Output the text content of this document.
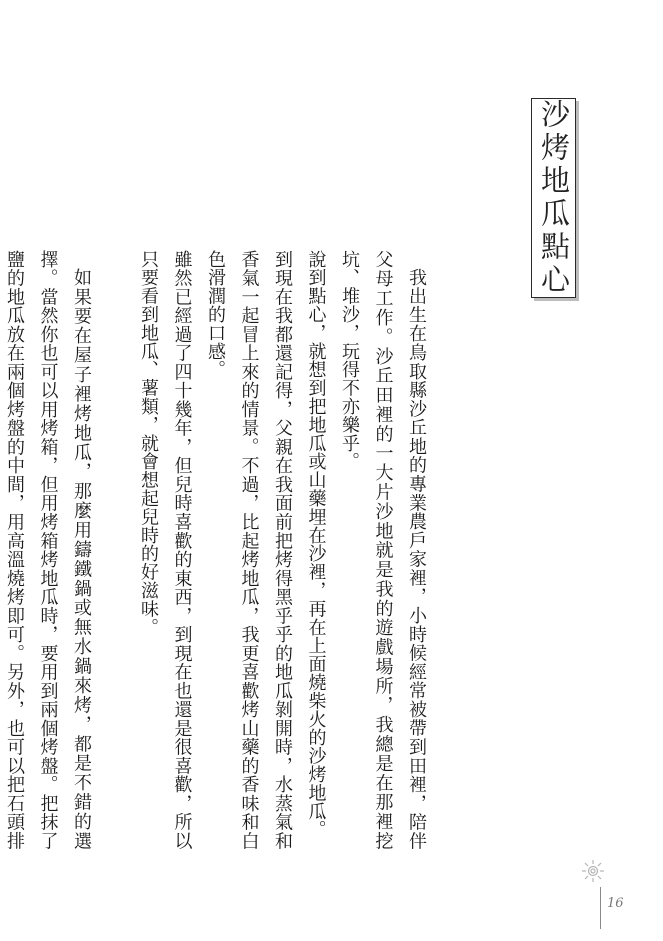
沙烤地瓜點心

我出生在鳥取縣沙丘地的專業農戶家裡，小時候經常被帶到田裡，陪伴父母工作。沙丘田裡的一大片沙地就是我的遊戲場所，我總是在那裡挖坑、堆沙，玩得不亦樂乎。

說到點心，就想到把地瓜或山藥埋在沙裡，再在上面燒柴火的沙烤地瓜。

到現在我都還記得，父親在我面前把烤得黑乎乎的地瓜剝開時，水蒸氣和香氣一起冒上來的情景。不過，比起烤地瓜，我更喜歡烤山藥的香味和白色滑潤的口感。

雖然已經過了四十幾年，但兒時喜歡的東西，到現在也還是很喜歡，所以只要看到地瓜、薯類，就會想起兒時的好滋味。

如果要在屋子裡烤地瓜，那麼用鑄鐵鍋或無水鍋來烤，都是不錯的選擇。當然你也可以用烤箱，但用烤箱烤地瓜時，要用到兩個烤盤。把抹了鹽的地瓜放在兩個烤盤的中間，用高溫燒烤即可。另外，也可以把石頭排

16
